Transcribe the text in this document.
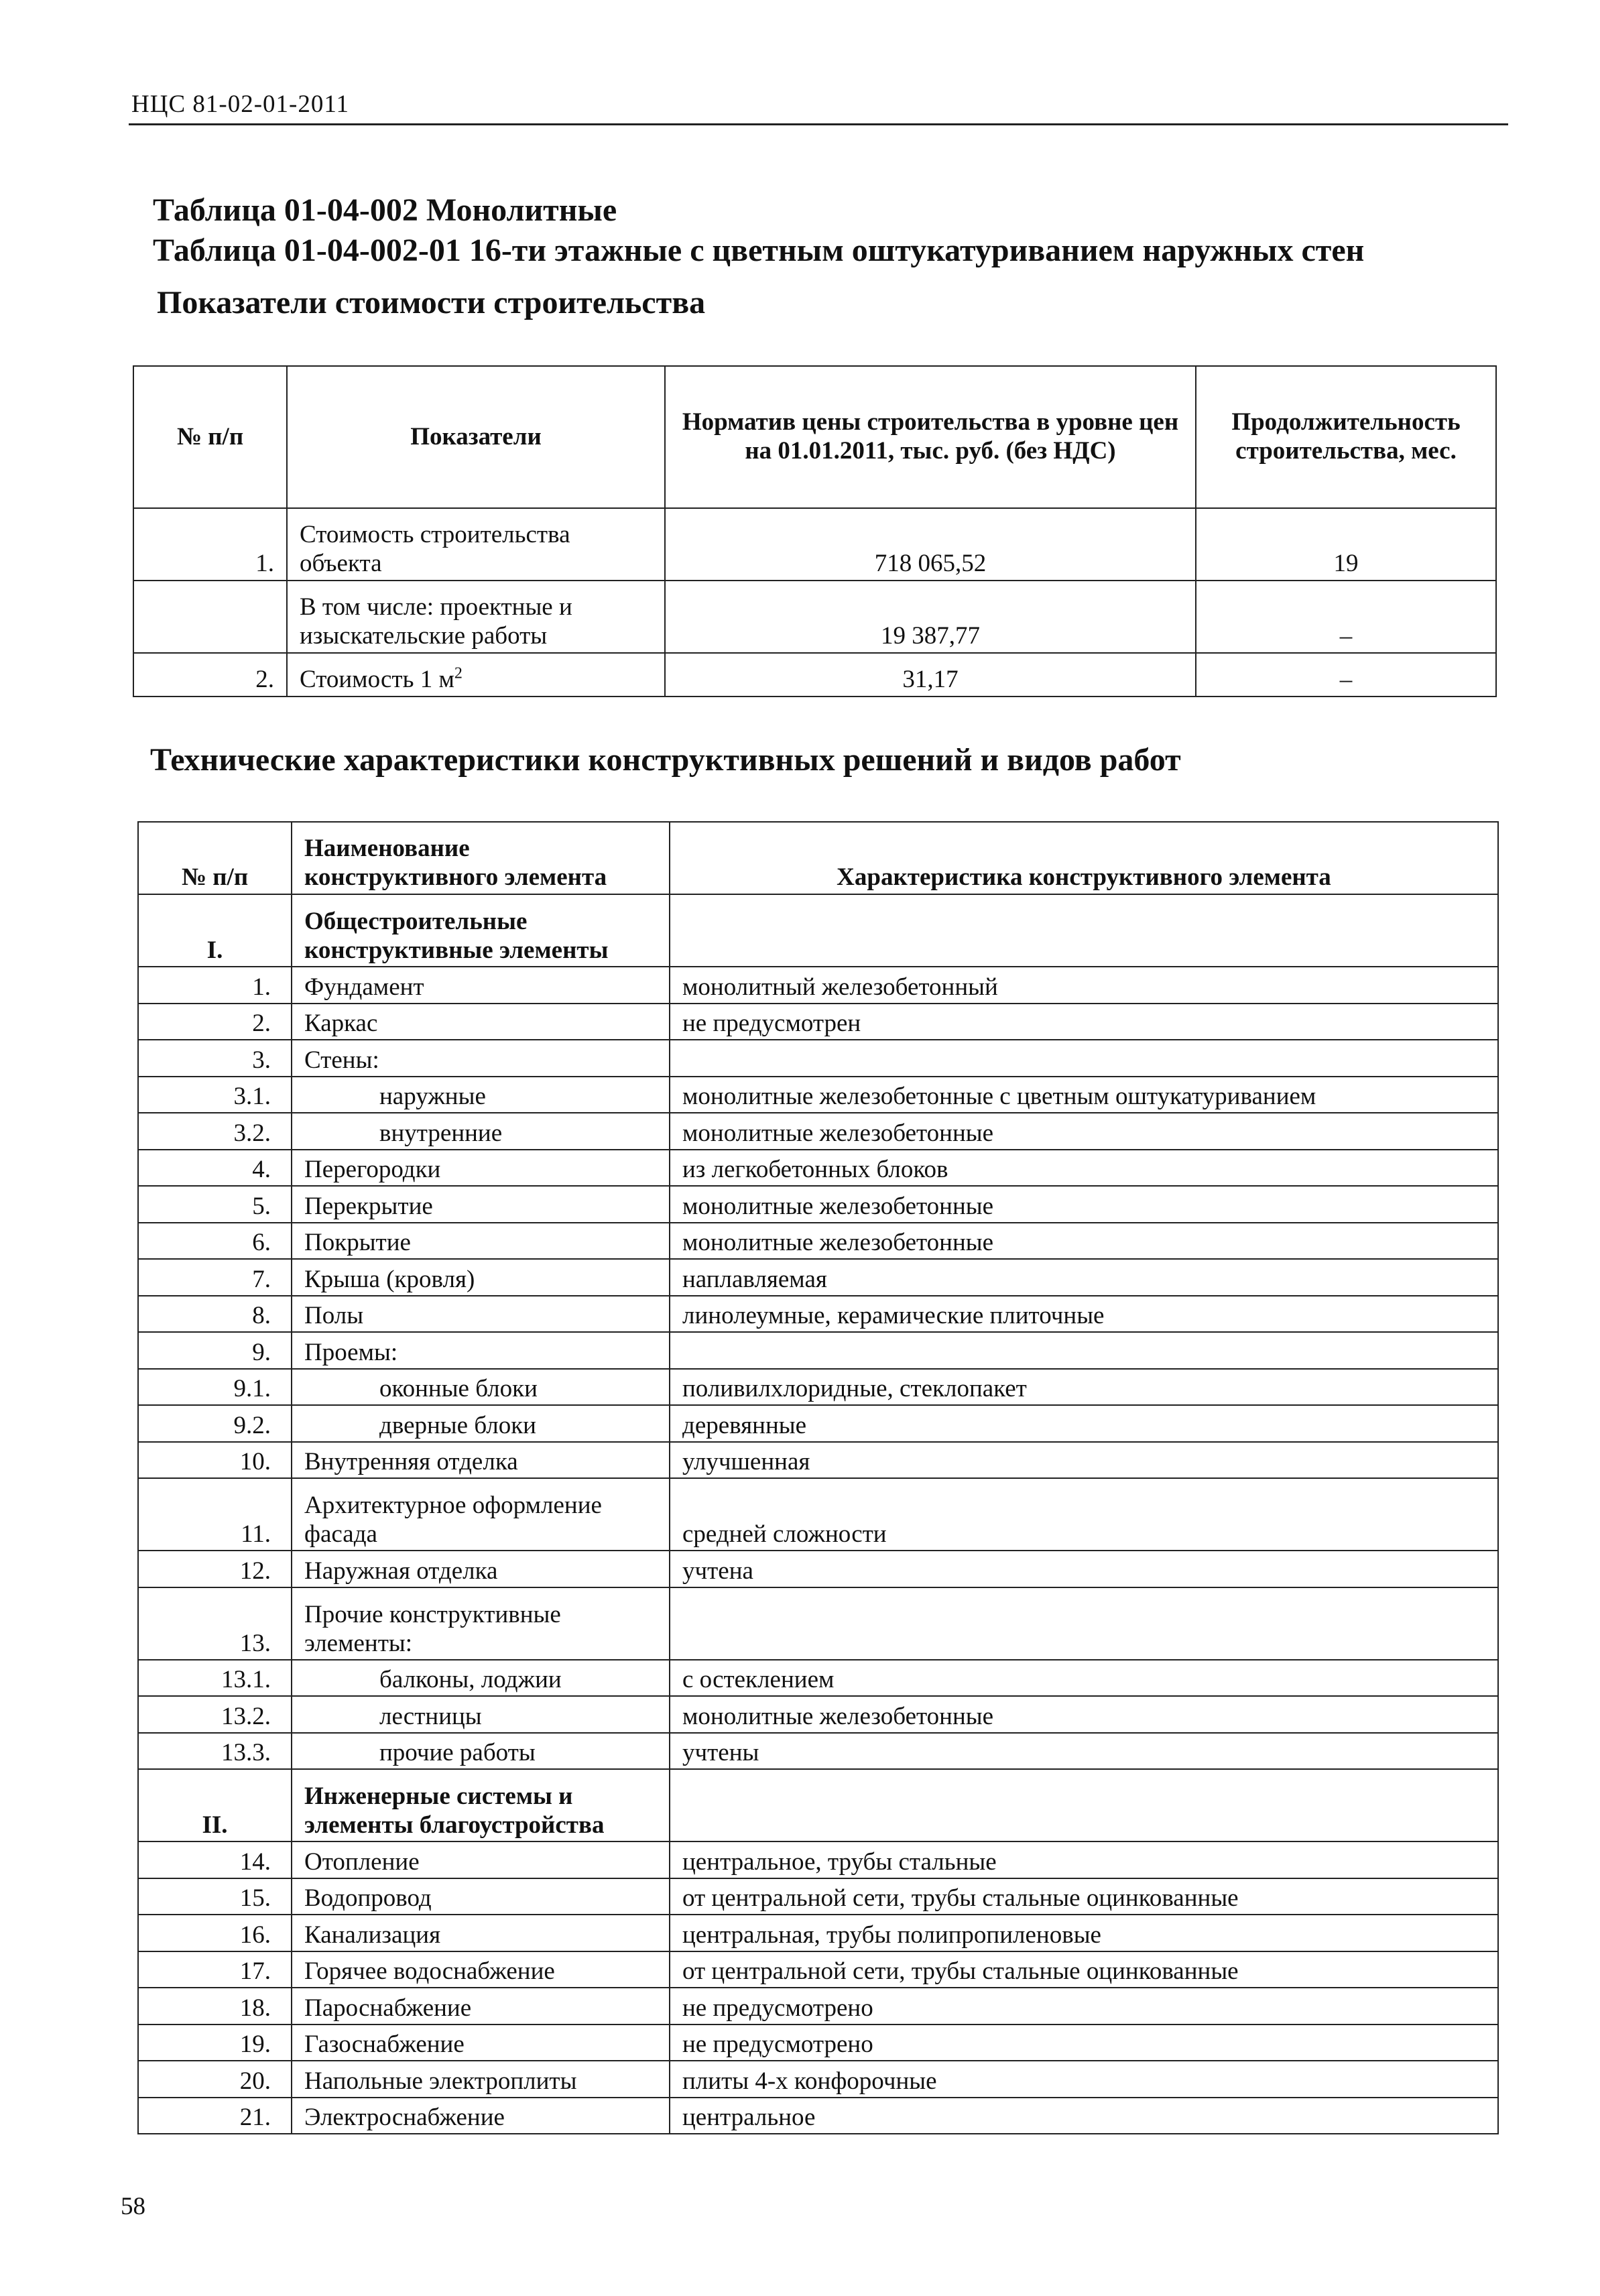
НЦС 81-02-01-2011
Таблица 01-04-002 Монолитные
Таблица 01-04-002-01 16-ти этажные с цветным оштукатуриванием наружных стен
Показатели стоимости строительства
№ п/п	Показатели	Норматив цены строительства в уровне цен на 01.01.2011, тыс. руб. (без НДС)	Продолжительность строительства, мес.
1.	Стоимость строительства объекта	718 065,52	19
	В том числе: проектные и изыскательские работы	19 387,77	–
2.	Стоимость 1 $м^2$	31,17	–
Технические характеристики конструктивных решений и видов работ
№ п/п	Наименование конструктивного элемента	Характеристика конструктивного элемента
I.	Общестроительные конструктивные элементы	
1.	Фундамент	монолитный железобетонный
2.	Каркас	не предусмотрен
3.	Стены:	
3.1.	наружные	монолитные железобетонные с цветным оштукатуриванием
3.2.	внутренние	монолитные железобетонные
4.	Перегородки	из легкобетонных блоков
5.	Перекрытие	монолитные железобетонные
6.	Покрытие	монолитные железобетонные
7.	Крыша (кровля)	наплавляемая
8.	Полы	линолеумные, керамические плиточные
9.	Проемы:	
9.1.	оконные блоки	поливилхлоридные, стеклопакет
9.2.	дверные блоки	деревянные
10.	Внутренняя отделка	улучшенная
11.	Архитектурное оформление фасада	средней сложности
12.	Наружная отделка	учтена
13.	Прочие конструктивные элементы:	
13.1.	балконы, лоджии	с остеклением
13.2.	лестницы	монолитные железобетонные
13.3.	прочие работы	учтены
II.	Инженерные системы и элементы благоустройства	
14.	Отопление	центральное, трубы стальные
15.	Водопровод	от центральной сети, трубы стальные оцинкованные
16.	Канализация	центральная, трубы полипропиленовые
17.	Горячее водоснабжение	от центральной сети, трубы стальные оцинкованные
18.	Пароснабжение	не предусмотрено
19.	Газоснабжение	не предусмотрено
20.	Напольные электроплиты	плиты 4-х конфорочные
21.	Электроснабжение	центральное
58
